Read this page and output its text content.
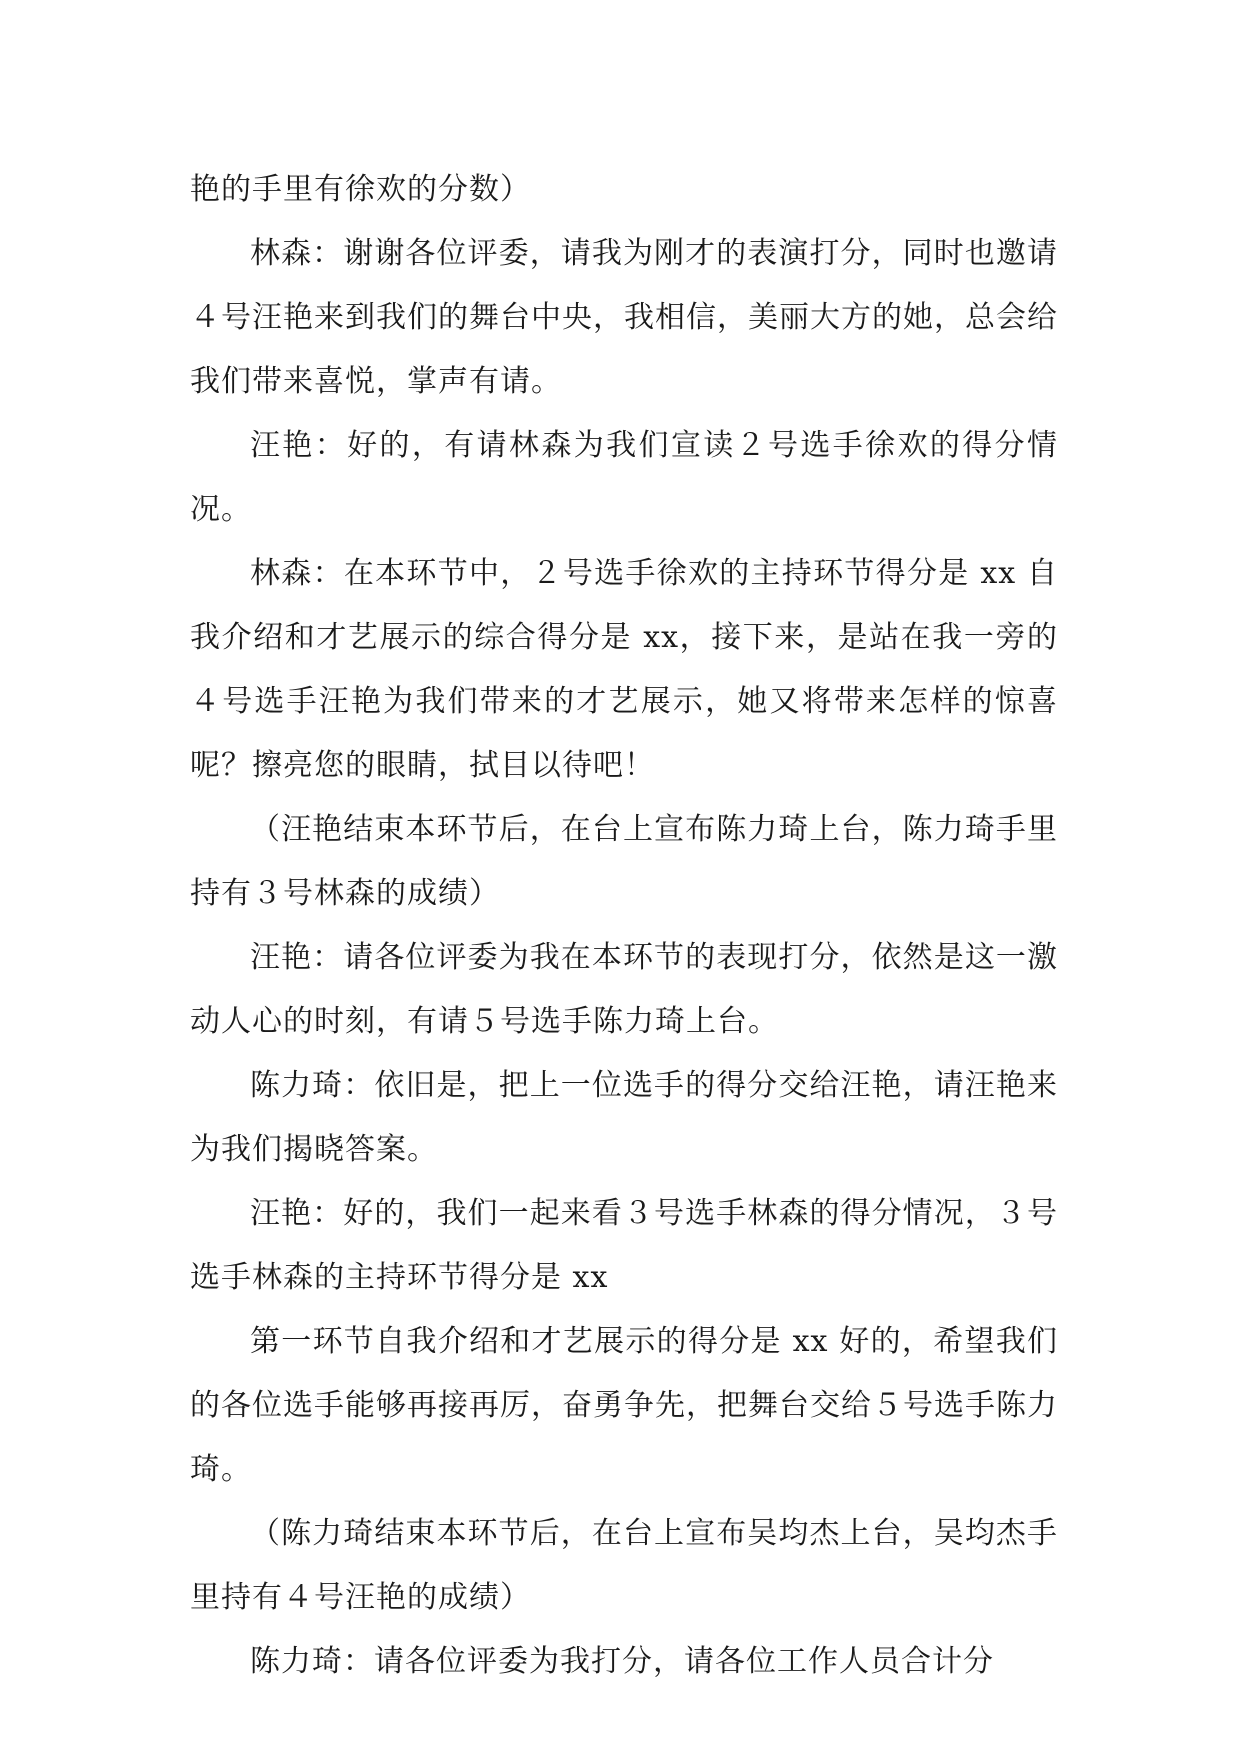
艳的手里有徐欢的分数）

林森：谢谢各位评委，请我为刚才的表演打分，同时也邀请４号汪艳来到我们的舞台中央，我相信，美丽大方的她，总会给我们带来喜悦，掌声有请。

汪艳：好的，有请林森为我们宣读２号选手徐欢的得分情况。

林森：在本环节中，２号选手徐欢的主持环节得分是 xx 自我介绍和才艺展示的综合得分是 xx，接下来，是站在我一旁的４号选手汪艳为我们带来的才艺展示，她又将带来怎样的惊喜呢？擦亮您的眼睛，拭目以待吧！

（汪艳结束本环节后，在台上宣布陈力琦上台，陈力琦手里持有３号林森的成绩）

汪艳：请各位评委为我在本环节的表现打分，依然是这一激动人心的时刻，有请５号选手陈力琦上台。

陈力琦：依旧是，把上一位选手的得分交给汪艳，请汪艳来为我们揭晓答案。

汪艳：好的，我们一起来看３号选手林森的得分情况，３号选手林森的主持环节得分是 xx

第一环节自我介绍和才艺展示的得分是 xx 好的，希望我们的各位选手能够再接再厉，奋勇争先，把舞台交给５号选手陈力琦。

（陈力琦结束本环节后，在台上宣布吴均杰上台，吴均杰手里持有４号汪艳的成绩）

陈力琦：请各位评委为我打分，请各位工作人员合计分
